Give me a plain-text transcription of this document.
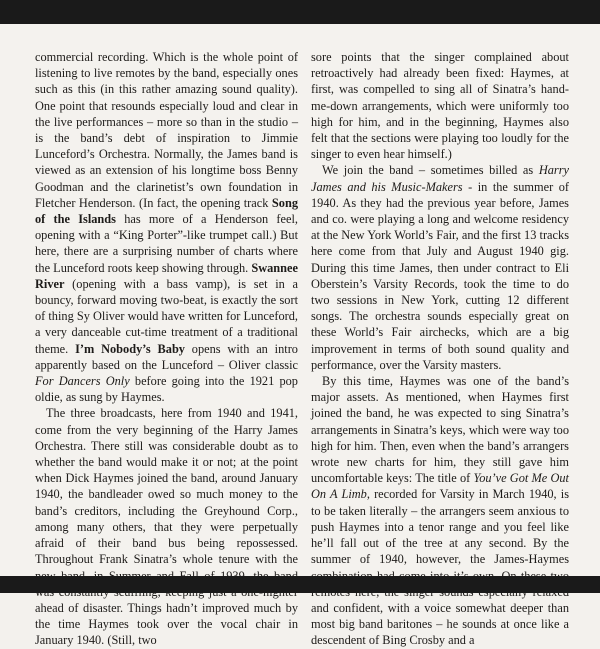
commercial recording. Which is the whole point of listening to live remotes by the band, especially ones such as this (in this rather amazing sound quality). One point that resounds especially loud and clear in the live performances – more so than in the studio – is the band’s debt of inspiration to Jimmie Lunceford’s Orchestra. Normally, the James band is viewed as an extension of his longtime boss Benny Goodman and the clarinetist’s own foundation in Fletcher Henderson. (In fact, the opening track Song of the Islands has more of a Henderson feel, opening with a “King Porter”-like trumpet call.) But here, there are a surprising number of charts where the Lunceford roots keep showing through. Swannee River (opening with a bass vamp), is set in a bouncy, forward moving two-beat, is exactly the sort of thing Sy Oliver would have written for Lunceford, a very danceable cut-time treatment of a traditional theme. I’m Nobody’s Baby opens with an intro apparently based on the Lunceford – Oliver classic For Dancers Only before going into the 1921 pop oldie, as sung by Haymes.

The three broadcasts, here from 1940 and 1941, come from the very beginning of the Harry James Orchestra. There still was considerable doubt as to whether the band would make it or not; at the point when Dick Haymes joined the band, around January 1940, the bandleader owed so much money to the band’s creditors, including the Greyhound Corp., among many others, that they were perpetually afraid of their band bus being repossessed. Throughout Frank Sinatra’s whole tenure with the ahead of disaster. Things hadn’t improved much by the time Haymes took over the vocal chair in January 1940. (Still, two

sore points that the singer complained about retroactively had already been fixed: Haymes, at first, was compelled to sing all of Sinatra’s hand-me-down arrangements, which were uniformly too high for him, and in the beginning, Haymes also felt that the sections were playing too loudly for the singer to even hear himself.)

We join the band – sometimes billed as Harry James and his Music-Makers - in the summer of 1940. As they had the previous year before, James and co. were playing a long and welcome residency at the New York World’s Fair, and the first 13 tracks here come from that July and August 1940 gig. During this time James, then under contract to Eli Oberstein’s Varsity Records, took the time to do two sessions in New York, cutting 12 different songs. The orchestra sounds especially great on these World’s Fair airchecks, which are a big improvement in terms of both sound quality and performance, over the Varsity masters.

By this time, Haymes was one of the band’s major assets. As mentioned, when Haymes first joined the band, he was expected to sing Sinatra’s arrangements in Sinatra’s keys, which were way too high for him. Then, even when the band’s arrangers wrote new charts for him, they still gave him uncomfortable keys: The title of You’ve Got Me Out On A Limb, recorded for Varsity in March 1940, is to be taken literally – the arrangers seem anxious to push Haymes into a tenor range and you feel like he’ll fall out of the tree at any second. By the summer of 1940, however, the James-Haymes and confident, with a voice somewhat deeper than most big band baritones – he sounds at once like a descendent of Bing Crosby and a
